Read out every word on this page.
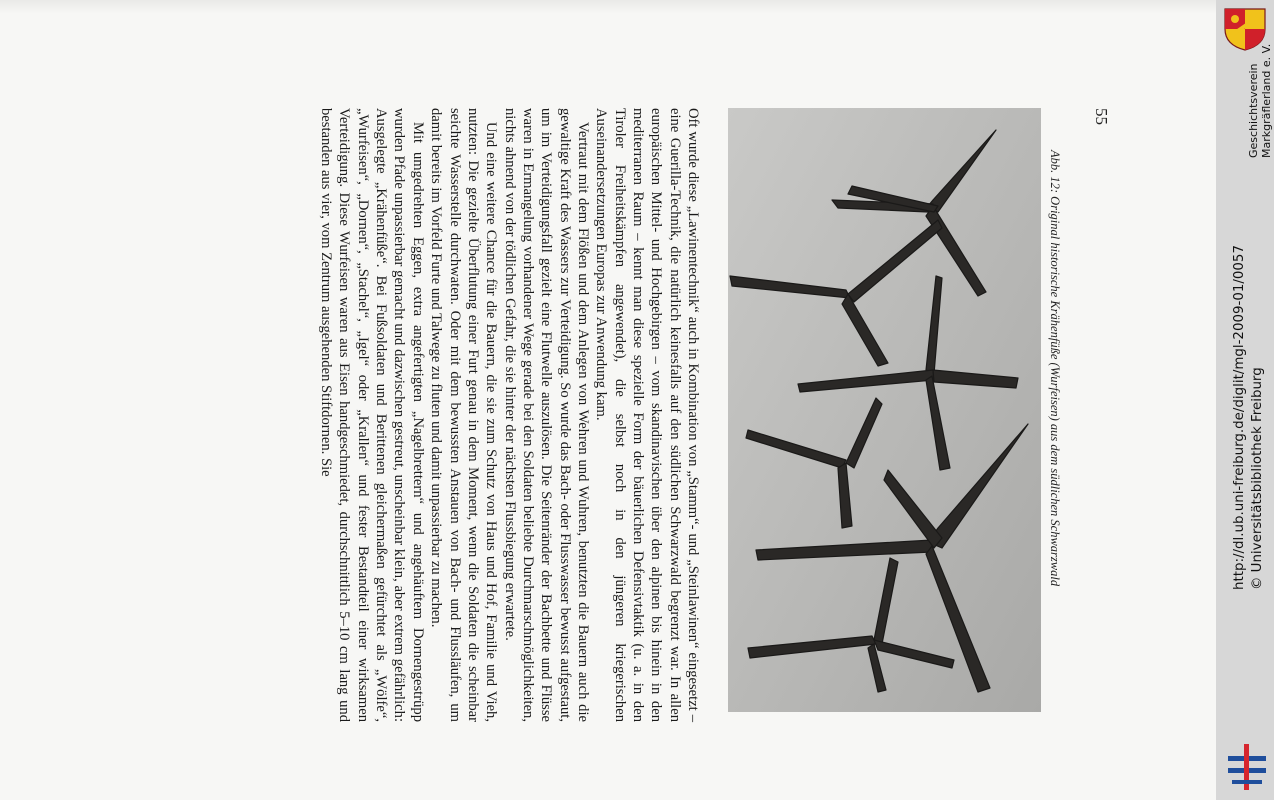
Oft wurde diese „Lawinentechnik“ auch in Kombination von „Stamm“- und „Steinlawinen“ eingesetzt – eine Guerilla-Technik, die natürlich keinesfalls auf den südlichen Schwarzwald begrenzt war. In allen europäischen Mittel- und Hochgebirgen – vom skandinavischen über den alpinen bis hinein in den mediterranen Raum – kennt man diese spezielle Form der bäuerlichen Defensivtaktik (u. a. in den Tiroler Freiheitskämpfen angewendet), die selbst noch in den jüngeren kriegerischen Auseinandersetzungen Europas zur Anwendung kam.

Vertraut mit dem Flößen und dem Anlegen von Wehren und Wuhren, benutzten die Bauern auch die gewaltige Kraft des Wassers zur Verteidigung. So wurde das Bach- oder Flusswasser bewusst aufgestaut, um im Verteidigungsfall gezielt eine Flutwelle auszulösen. Die Seitenränder der Bachbette und Flüsse waren in Ermangelung vorhandener Wege gerade bei den Soldaten beliebte Durchmarschmöglichkeiten, nichts ahnend von der tödlichen Gefahr, die sie hinter der nächsten Flussbiegung erwartete.

Und eine weitere Chance für die Bauern, die sie zum Schutz von Haus und Hof, Familie und Vieh, nutzten: Die gezielte Überflutung einer Furt genau in dem Moment, wenn die Soldaten die scheinbar seichte Wasserstelle durchwaten. Oder mit dem bewussten Anstauen von Bach- und Flussläufen, um damit bereits im Vorfeld Furte und Talwege zu fluten und damit unpassierbar zu machen.

Mit umgedrehten Eggen, extra angefertigten „Nagelbrettern“ und angehäuftem Dornengestrüpp wurden Pfade unpassierbar gemacht und dazwischen gestreut, unscheinbar klein, aber extrem gefährlich: Ausgelegte „Krähenfüße“. Bei Fußsoldaten und Berittenen gleichermaßen gefürchtet als „Wölfe“, „Wurfeisen“, „Dornen“, „Stachel“, „Igel“ oder „Krallen“ und fester Bestandteil einer wirksamen Verteidigung. Diese Wurfeisen waren aus Eisen handgeschmiedet, durchschnittlich 5–10 cm lang und bestanden aus vier, vom Zentrum ausgehenden Stiftdornen. Sie	Abb. 12: Original historische Krähenfüße (Wurfeisen) aus dem südlichen Schwarzwald
55	Geschichtsverein Markgräflerland e. V.
http://dl.ub.uni-freiburg.de/diglit/mgl-2009-01/0057 © Universitätsbibliothek Freiburg
